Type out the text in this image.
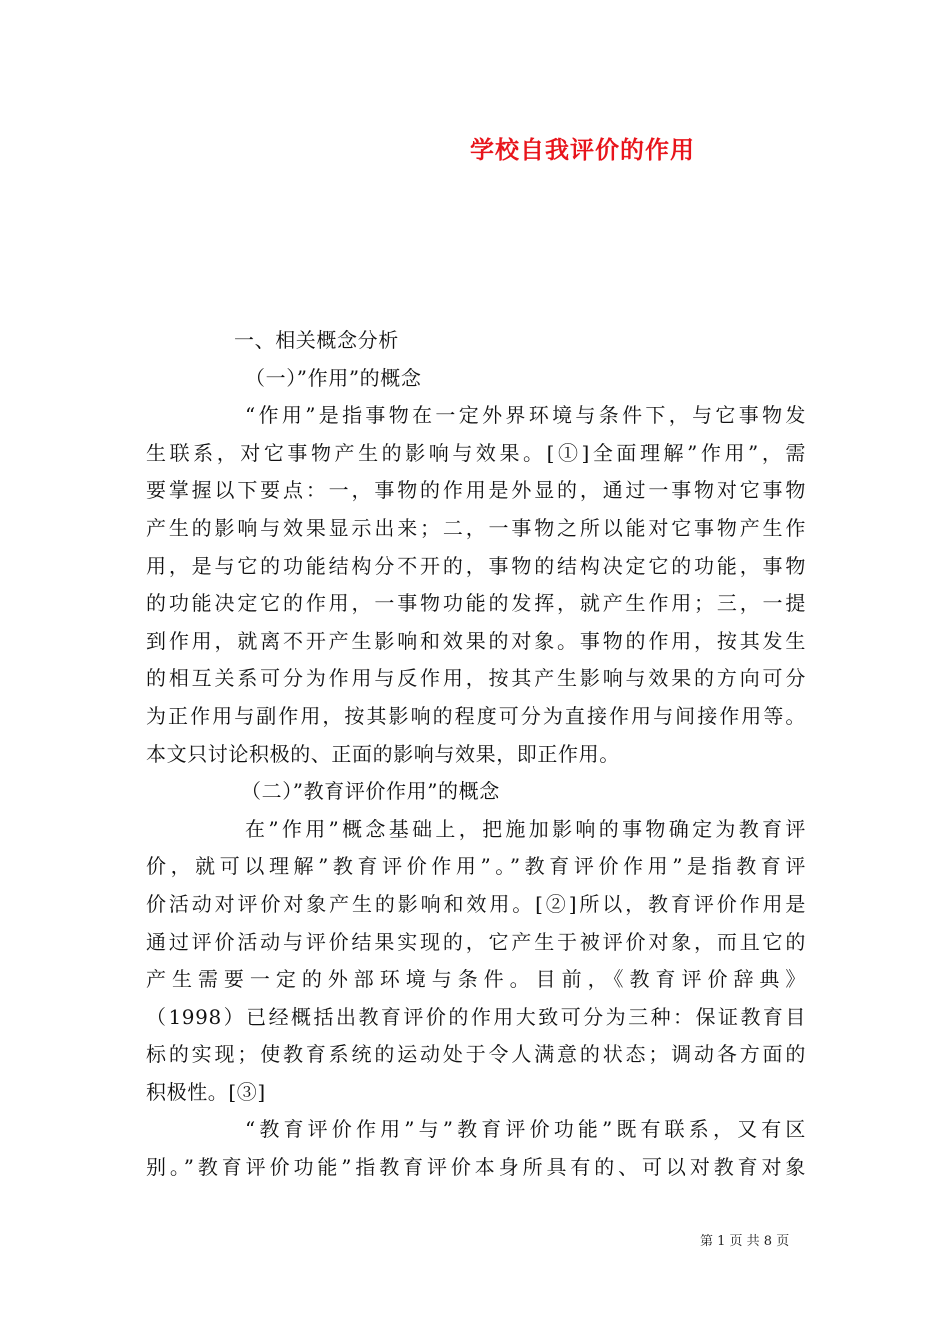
学校自我评价的作用
一、相关概念分析
（一）”作用”的概念
“作用”是指事物在一定外界环境与条件下，与它事物发
生联系，对它事物产生的影响与效果。[①]全面理解”作用”，需
要掌握以下要点：一，事物的作用是外显的，通过一事物对它事物
产生的影响与效果显示出来；二，一事物之所以能对它事物产生作
用，是与它的功能结构分不开的，事物的结构决定它的功能，事物
的功能决定它的作用，一事物功能的发挥，就产生作用；三，一提
到作用，就离不开产生影响和效果的对象。事物的作用，按其发生
的相互关系可分为作用与反作用，按其产生影响与效果的方向可分
为正作用与副作用，按其影响的程度可分为直接作用与间接作用等。
本文只讨论积极的、正面的影响与效果，即正作用。
（二）”教育评价作用”的概念
在”作用”概念基础上，把施加影响的事物确定为教育评
价，就可以理解”教育评价作用”。”教育评价作用”是指教育评
价活动对评价对象产生的影响和效用。[②]所以，教育评价作用是
通过评价活动与评价结果实现的，它产生于被评价对象，而且它的
产生需要一定的外部环境与条件。目前，《教育评价辞典》
（1998）已经概括出教育评价的作用大致可分为三种：保证教育目
标的实现；使教育系统的运动处于令人满意的状态；调动各方面的
积极性。[③]
“教育评价作用”与”教育评价功能”既有联系，又有区
别。”教育评价功能”指教育评价本身所具有的、可以对教育对象
第 1 页 共 8 页
